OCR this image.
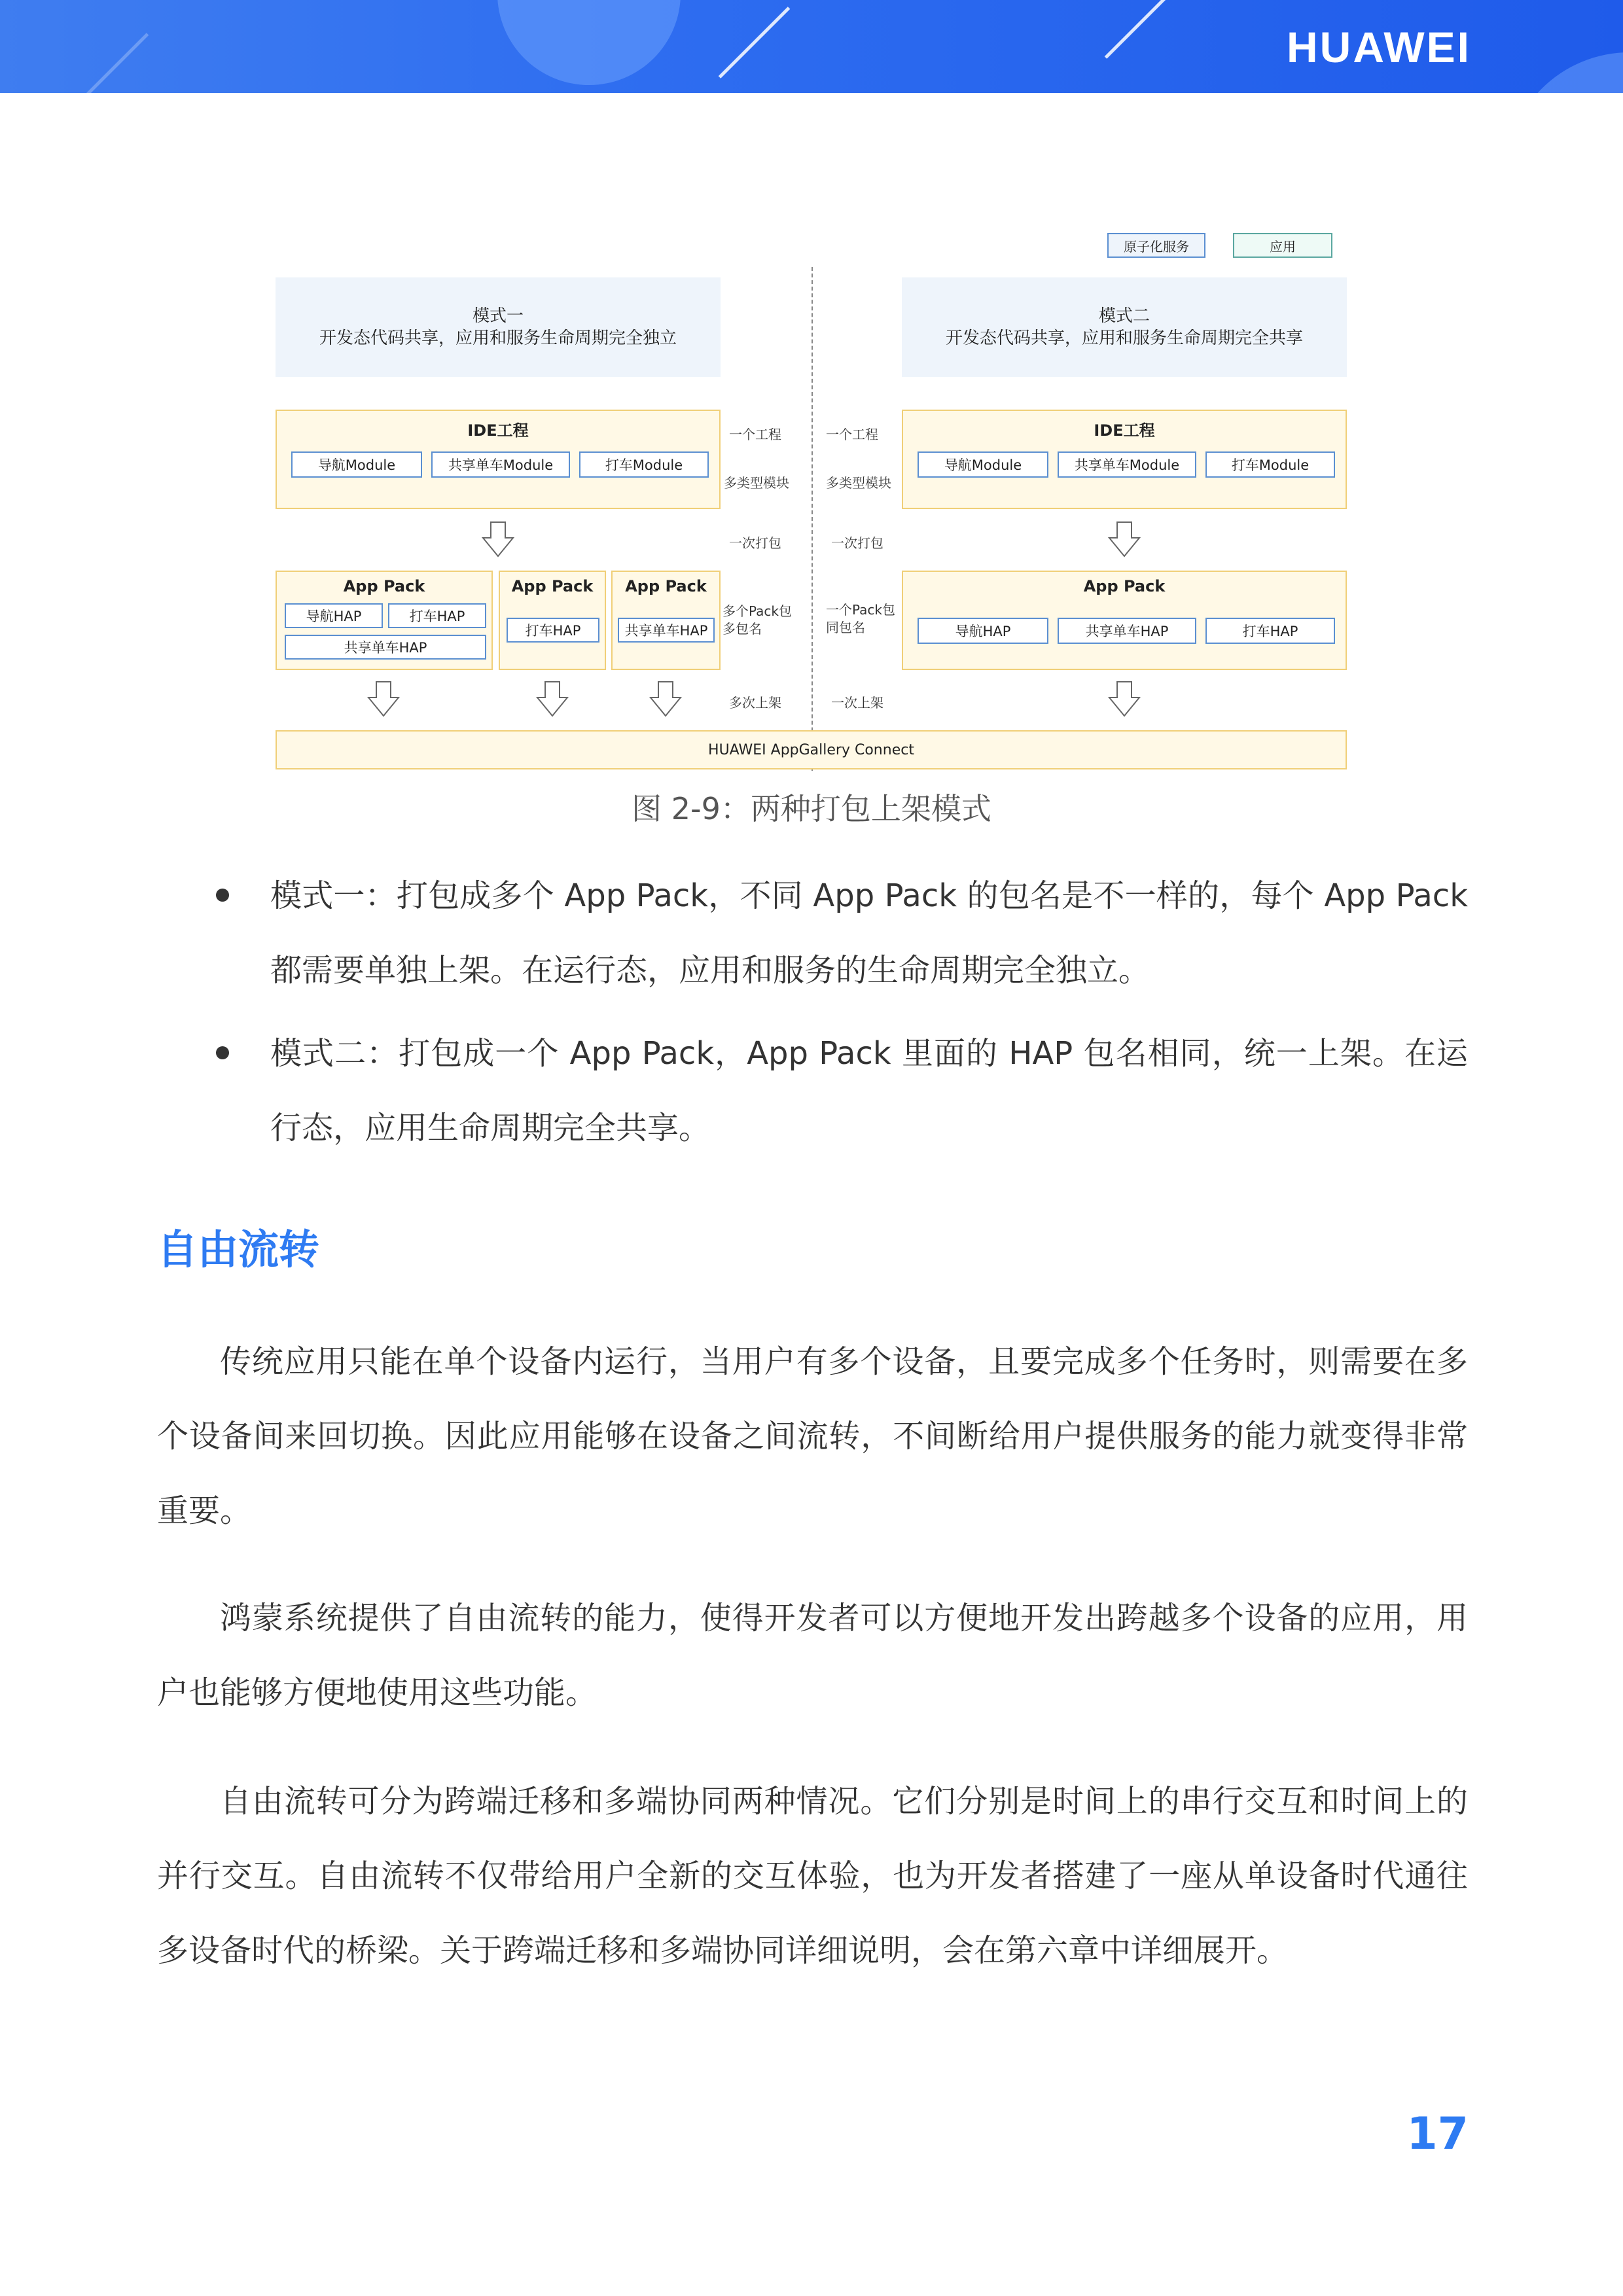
HUAWEI
原子化服务	应用
模式一
开发态代码共享，应用和服务生命周期完全独立
模式二
开发态代码共享，应用和服务生命周期完全共享
IDE工程
导航Module	共享单车Module	打车Module
IDE工程
导航Module	共享单车Module	打车Module
App Pack
导航HAP	打车HAP
共享单车HAP
App Pack
打车HAP
App Pack
共享单车HAP
App Pack
导航HAP	共享单车HAP	打车HAP
一个工程
多类型模块
一次打包
多个Pack包
多包名
多次上架
一个工程
多类型模块
一次打包
一个Pack包
同包名
一次上架
HUAWEI AppGallery Connect
图 2-9：两种打包上架模式
模式一：打包成多个 App Pack，不同 App Pack 的包名是不一样的，每个 App Pack 都需要单独上架。在运行态，应用和服务的生命周期完全独立。
模式二：打包成一个 App Pack，App Pack 里面的 HAP 包名相同，统一上架。在运行态，应用生命周期完全共享。
自由流转
传统应用只能在单个设备内运行，当用户有多个设备，且要完成多个任务时，则需要在多个设备间来回切换。因此应用能够在设备之间流转，不间断给用户提供服务的能力就变得非常重要。
鸿蒙系统提供了自由流转的能力，使得开发者可以方便地开发出跨越多个设备的应用，用户也能够方便地使用这些功能。
自由流转可分为跨端迁移和多端协同两种情况。它们分别是时间上的串行交互和时间上的并行交互。自由流转不仅带给用户全新的交互体验，也为开发者搭建了一座从单设备时代通往多设备时代的桥梁。关于跨端迁移和多端协同详细说明，会在第六章中详细展开。
17
